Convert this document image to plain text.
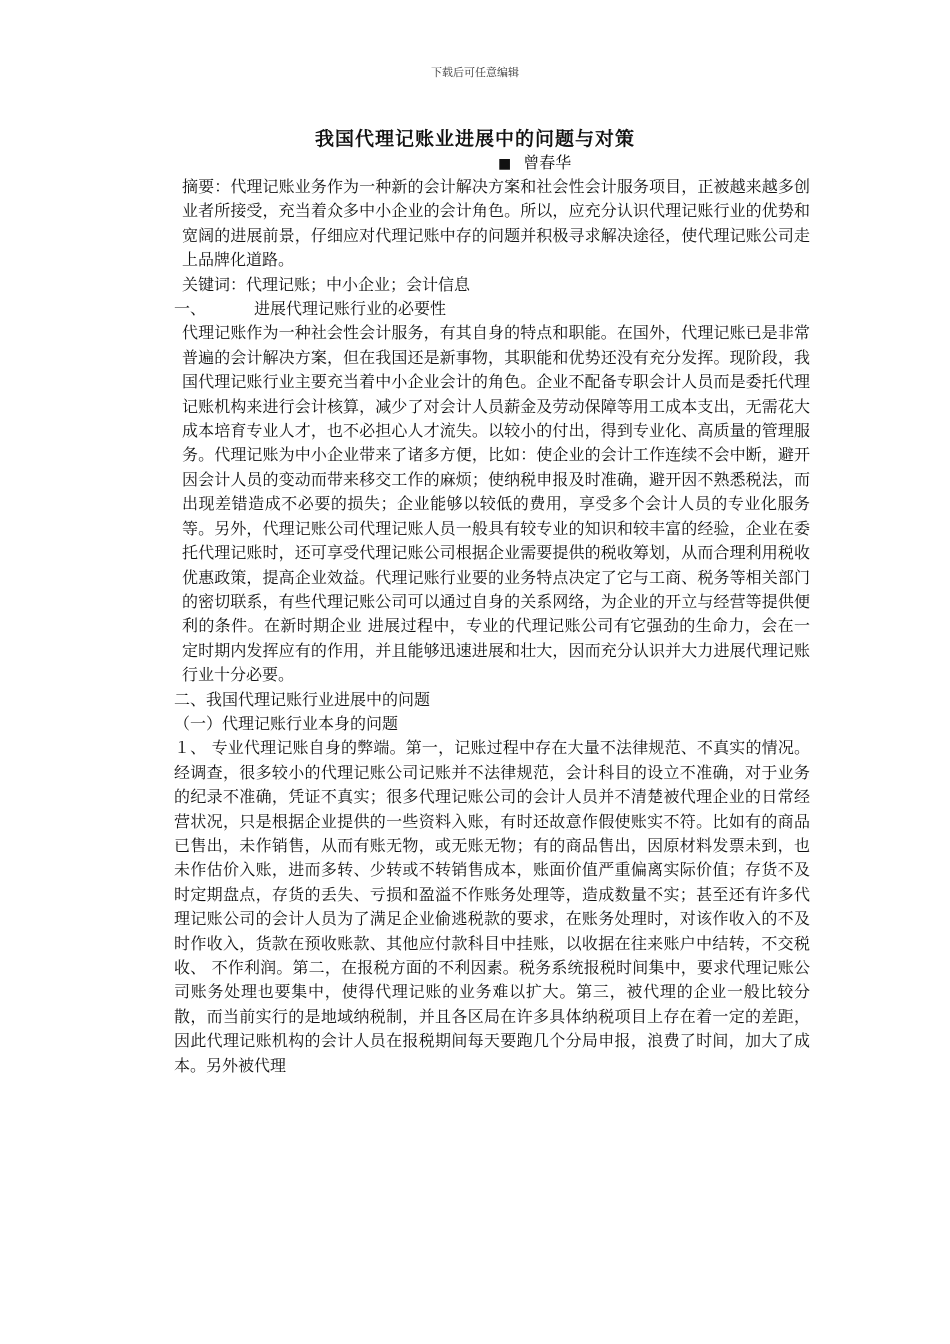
下载后可任意编辑
我国代理记账业进展中的问题与对策
■ 曾春华

摘要：代理记账业务作为一种新的会计解决方案和社会性会计服务项目，正被越来越多创业者所接受，充当着众多中小企业的会计角色。所以，应充分认识代理记账行业的优势和宽阔的进展前景，仔细应对代理记账中存的问题并积极寻求解决途径，使代理记账公司走上品牌化道路。

关键词：代理记账；中小企业；会计信息

一、	进展代理记账行业的必要性

代理记账作为一种社会性会计服务，有其自身的特点和职能。在国外，代理记账已是非常普遍的会计解决方案，但在我国还是新事物，其职能和优势还没有充分发挥。现阶段，我国代理记账行业主要充当着中小企业会计的角色。企业不配备专职会计人员而是委托代理记账机构来进行会计核算，减少了对会计人员薪金及劳动保障等用工成本支出，无需花大成本培育专业人才，也不必担心人才流失。以较小的付出，得到专业化、高质量的管理服务。代理记账为中小企业带来了诸多方便，比如：使企业的会计工作连续不会中断，避开因会计人员的变动而带来移交工作的麻烦；使纳税申报及时准确，避开因不熟悉税法，而出现差错造成不必要的损失；企业能够以较低的费用，享受多个会计人员的专业化服务等。另外，代理记账公司代理记账人员一般具有较专业的知识和较丰富的经验，企业在委托代理记账时，还可享受代理记账公司根据企业需要提供的税收筹划，从而合理利用税收优惠政策，提高企业效益。代理记账行业要的业务特点决定了它与工商、税务等相关部门的密切联系，有些代理记账公司可以通过自身的关系网络，为企业的开立与经营等提供便利的条件。在新时期企业 进展过程中，专业的代理记账公司有它强劲的生命力，会在一定时期内发挥应有的作用，并且能够迅速进展和壮大，因而充分认识并大力进展代理记账行业十分必要。

二、我国代理记账行业进展中的问题

（一）代理记账行业本身的问题

１、 专业代理记账自身的弊端。第一，记账过程中存在大量不法律规范、不真实的情况。经调查，很多较小的代理记账公司记账并不法律规范，会计科目的设立不准确，对于业务的纪录不准确，凭证不真实；很多代理记账公司的会计人员并不清楚被代理企业的日常经营状况，只是根据企业提供的一些资料入账，有时还故意作假使账实不符。比如有的商品已售出，未作销售，从而有账无物，或无账无物；有的商品售出，因原材料发票未到，也未作估价入账，进而多转、少转或不转销售成本，账面价值严重偏离实际价值；存货不及时定期盘点，存货的丢失、亏损和盈溢不作账务处理等，造成数量不实；甚至还有许多代理记账公司的会计人员为了满足企业偷逃税款的要求，在账务处理时，对该作收入的不及时作收入，货款在预收账款、其他应付款科目中挂账，以收据在往来账户中结转，不交税收、 不作利润。第二，在报税方面的不利因素。税务系统报税时间集中，要求代理记账公司账务处理也要集中，使得代理记账的业务难以扩大。第三，被代理的企业一般比较分散，而当前实行的是地域纳税制，并且各区局在许多具体纳税项目上存在着一定的差距，因此代理记账机构的会计人员在报税期间每天要跑几个分局申报，浪费了时间，加大了成本。另外被代理
